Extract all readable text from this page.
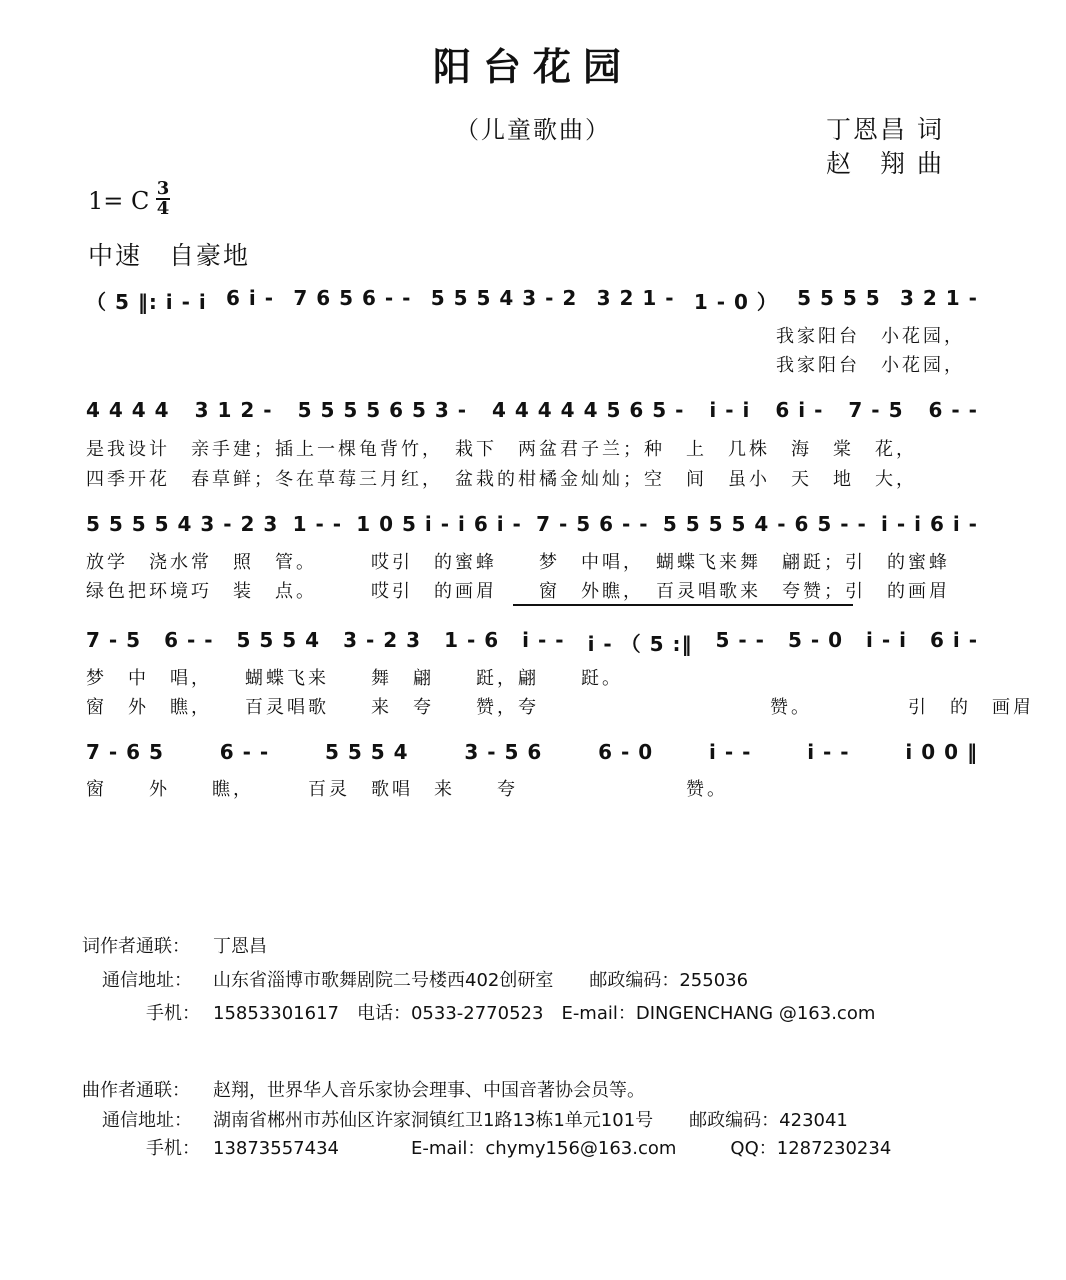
阳台花园
（儿童歌曲）	丁恩昌 词
赵　翔 曲
1= C 3
4
中速　自豪地
（ 5 ‖: i - i 6 i - 7 6 5 6 - - 5 5 5 4 3 - 2 3 2 1 - 1 - 0 ） 5 5 5 5 3 2 1 -
我家阳台　小花园，
我家阳台　小花园，
4 4 4 4 3 1 2 - 5 5 5 5 6 5 3 - 4 4 4 4 4 5 6 5 - i - i 6 i - 7 - 5 6 - -
是我设计　亲手建；插上一棵龟背竹，　栽下　两盆君子兰；种　上　几株　海　棠　花，
四季开花　春草鲜；冬在草莓三月红，　盆栽的柑橘金灿灿；空　间　虽小　天　地　大，
5 5 5 5 4 3 - 2 3 1 - - 1 0 5 i - i 6 i - 7 - 5 6 - - 5 5 5 5 4 - 6 5 - - i - i 6 i -
放学　浇水常　照　管。　　　哎引　的蜜蜂　　梦　中唱，　蝴蝶飞来舞　翩跹；引　的蜜蜂
绿色把环境巧　装　点。　　　哎引　的画眉　　窗　外瞧，　百灵唱歌来　夸赞；引　的画眉
7 - 5 6 - - 5 5 5 4 3 - 2 3 1 - 6 i - - i - （ 5 :‖ 5 - - 5 - 0 i - i 6 i -
梦　中　唱，　　蝴蝶飞来　　舞　翩　　跹，翩　　跹。
窗　外　瞧，　　百灵唱歌　　来　夸　　赞，夸　　　　　　　　　　　赞。　　　　　引　的　画眉
7 - 6 5	6 - -	5 5 5 4	3 - 5 6	6 - 0	i - -	i - -	i 0 0 ‖
窗　　外　　瞧，　　　百灵　歌唱　来　　夸　　　　　　　　赞。
词作者通联： 丁恩昌
通信地址： 山东省淄博市歌舞剧院二号楼西402创研室　　邮政编码：255036
手机： 15853301617　电话：0533-2770523　E-mail：DINGENCHANG @163.com
曲作者通联： 赵翔，世界华人音乐家协会理事、中国音著协会员等。
通信地址： 湖南省郴州市苏仙区许家洞镇红卫1路13栋1单元101号　　邮政编码：423041
手机： 13873557434　　　　E-mail：chymy156@163.com　　　QQ：1287230234
